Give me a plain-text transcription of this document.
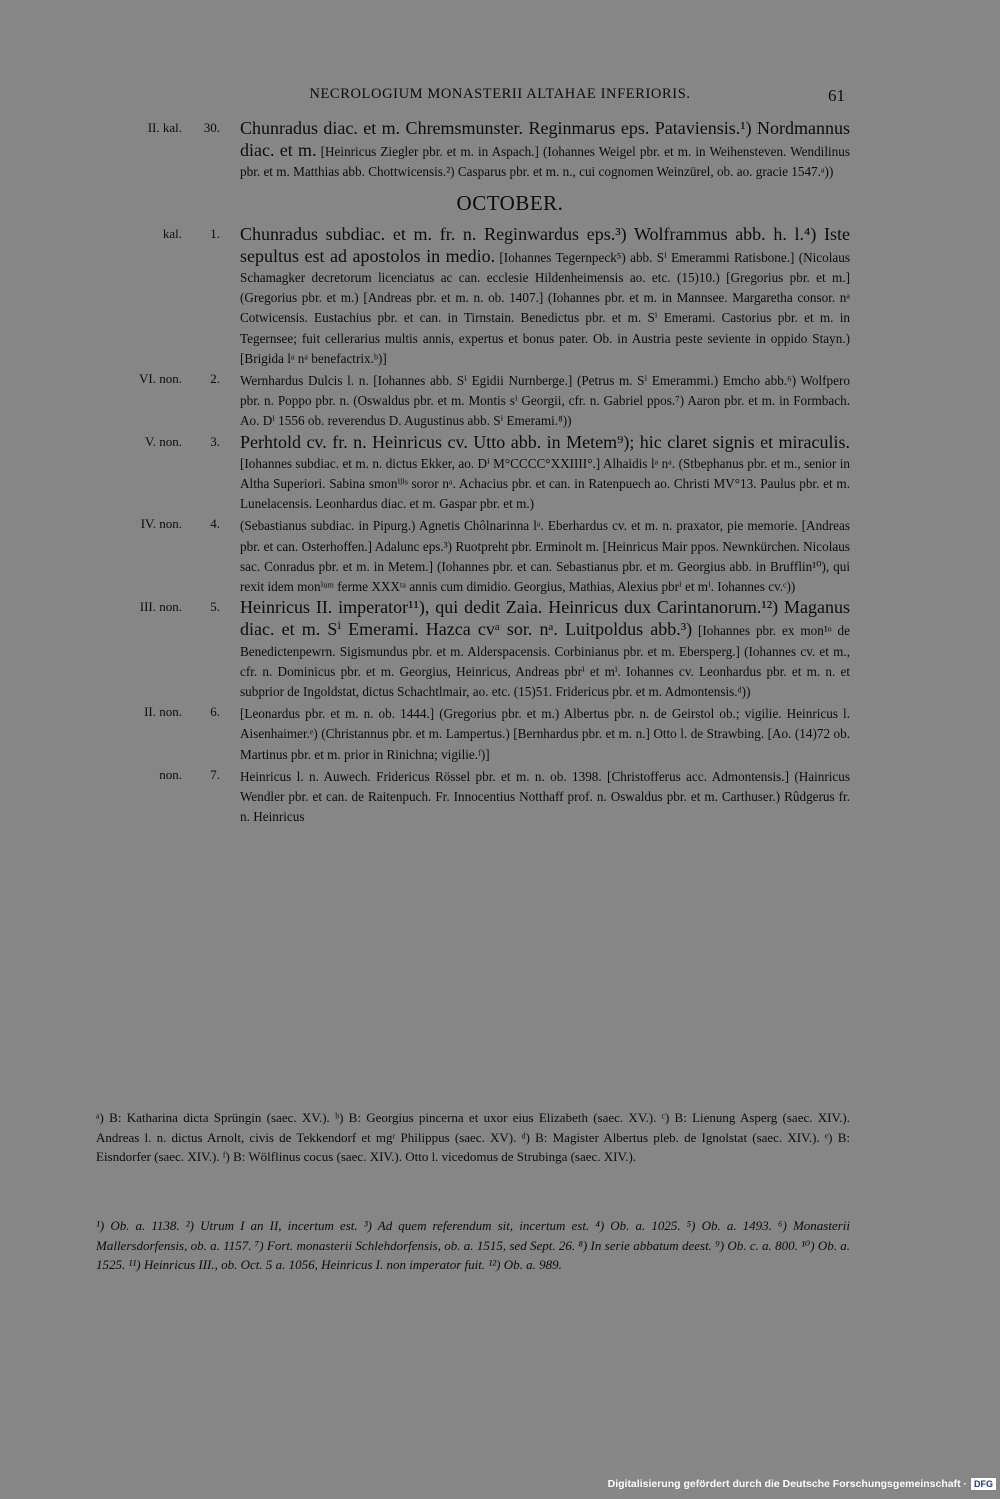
NECROLOGIUM MONASTERII ALTAHAE INFERIORIS.	61
II. kal.	30. Chunradus diac. et m. Chremsmunster. Reginmarus eps. Pataviensis.¹) Nordmannus diac. et m. [Heinricus Ziegler pbr. et m. in Aspach.] (Iohannes Weigel pbr. et m. in Weihensteven. Wendilinus pbr. et m. Matthias abb. Chottwicensis.²) Casparus pbr. et m. n., cui cognomen Weinzürel, ob. ao. gracie 1547.ᵃ))
OCTOBER.
kal.	1. Chunradus subdiac. et m. fr. n. Reginwardus eps.³) Wolframmus abb. h. l.⁴) Iste sepultus est ad apostolos in medio. [Iohannes Tegernpeck⁵) abb. Sⁱ Emerammi Ratisbone.] (Nicolaus Schamagker decretorum licenciatus ac can. ecclesie Hildenheimensis ao. etc. (15)10.) [Gregorius pbr. et m.] (Gregorius pbr. et m.) [Andreas pbr. et m. n. ob. 1407.] (Iohannes pbr. et m. in Mannsee. Margaretha consor. nᵃ Cotwicensis. Eustachius pbr. et can. in Tirnstain. Benedictus pbr. et m. Sⁱ Emerami. Castorius pbr. et m. in Tegernsee; fuit cellerarius multis annis, expertus et bonus pater. Ob. in Austria peste seviente in oppido Stayn.) [Brigida lᵃ nᵃ benefactrix.ᵇ)]
VI. non.	2. Wernhardus Dulcis l. n. [Iohannes abb. Sⁱ Egidii Nurnberge.] (Petrus m. Sⁱ Emerammi.) Emcho abb.⁶) Wolfpero pbr. n. Poppo pbr. n. (Oswaldus pbr. et m. Montis sⁱ Georgii, cfr. n. Gabriel ppos.⁷) Aaron pbr. et m. in Formbach. Ao. Dⁱ 1556 ob. reverendus D. Augustinus abb. Sⁱ Emerami.⁸))
V. non.	3. Perhtold cv. fr. n. Heinricus cv. Utto abb. in Metem⁹); hic claret signis et miraculis. [Iohannes subdiac. et m. n. dictus Ekker, ao. Dⁱ M°CCCC°XXIIII°.] Alhaidis lᵃ nᵃ. (Stbephanus pbr. et m., senior in Altha Superiori. Sabina smonⁱˡⁱˢ soror nᵃ. Achacius pbr. et can. in Ratenpuech ao. Christi MV°13. Paulus pbr. et m. Lunelacensis. Leonhardus diac. et m. Gaspar pbr. et m.)
IV. non.	4. (Sebastianus subdiac. in Pipurg.) Agnetis Chôlnarinna lᵃ. Eberhardus cv. et m. n. praxator, pie memorie. [Andreas pbr. et can. Osterhoffen.] Adalunc eps.³) Ruotpreht pbr. Erminolt m. [Heinricus Mair ppos. Newnkürchen. Nicolaus sac. Conradus pbr. et m. in Metem.] (Iohannes pbr. et can. Sebastianus pbr. et m. Georgius abb. in Brufflin¹⁰), qui rexit idem monⁱᵘᵐ ferme XXXᵗᵃ annis cum dimidio. Georgius, Mathias, Alexius pbrⁱ et mⁱ. Iohannes cv.ᶜ))
III. non.	5. Heinricus II. imperator¹¹), qui dedit Zaia. Heinricus dux Carintanorum.¹²) Maganus diac. et m. Sⁱ Emerami. Hazca cvᵃ sor. nᵃ. Luitpoldus abb.³) [Iohannes pbr. ex mon¹ᵒ de Benedictenpewrn. Sigismundus pbr. et m. Alderspacensis. Corbinianus pbr. et m. Ebersperg.] (Iohannes cv. et m., cfr. n. Dominicus pbr. et m. Georgius, Heinricus, Andreas pbrⁱ et mⁱ. Iohannes cv. Leonhardus pbr. et m. n. et subprior de Ingoldstat, dictus Schachtlmair, ao. etc. (15)51. Fridericus pbr. et m. Admontensis.ᵈ))
II. non.	6. [Leonardus pbr. et m. n. ob. 1444.] (Gregorius pbr. et m.) Albertus pbr. n. de Geirstol ob.; vigilie. Heinricus l. Aisenhaimer.ᵉ) (Christannus pbr. et m. Lampertus.) [Bernhardus pbr. et m. n.] Otto l. de Strawbing. [Ao. (14)72 ob. Martinus pbr. et m. prior in Rinichna; vigilie.ᶠ)]
non.	7. Heinricus l. n. Auwech. Fridericus Rössel pbr. et m. n. ob. 1398. [Christofferus acc. Admontensis.] (Hainricus Wendler pbr. et can. de Raitenpuch. Fr. Innocentius Notthaff prof. n. Oswaldus pbr. et m. Carthuser.) Rûdgerus fr. n. Heinricus

ᵃ) B: Katharina dicta Sprüngin (saec. XV.). ᵇ) B: Georgius pincerna et uxor eius Elizabeth (saec. XV.). ᶜ) B: Lienung Asperg (saec. XIV.). Andreas l. n. dictus Arnolt, civis de Tekkendorf et mgʳ Philippus (saec. XV). ᵈ) B: Magister Albertus pleb. de Ignolstat (saec. XIV.). ᵉ) B: Eisndorfer (saec. XIV.). ᶠ) B: Wölflinus cocus (saec. XIV.). Otto l. vicedomus de Strubinga (saec. XIV.).

¹) Ob. a. 1138. ²) Utrum I an II, incertum est. ³) Ad quem referendum sit, incertum est. ⁴) Ob. a. 1025. ⁵) Ob. a. 1493. ⁶) Monasterii Mallersdorfensis, ob. a. 1157. ⁷) Fort. monasterii Schlehdorfensis, ob. a. 1515, sed Sept. 26. ⁸) In serie abbatum deest. ⁹) Ob. c. a. 800. ¹⁰) Ob. a. 1525. ¹¹) Heinricus III., ob. Oct. 5 a. 1056, Heinricus I. non imperator fuit. ¹²) Ob. a. 989.

Digitalisierung gefördert durch die Deutsche Forschungsgemeinschaft · DFG
